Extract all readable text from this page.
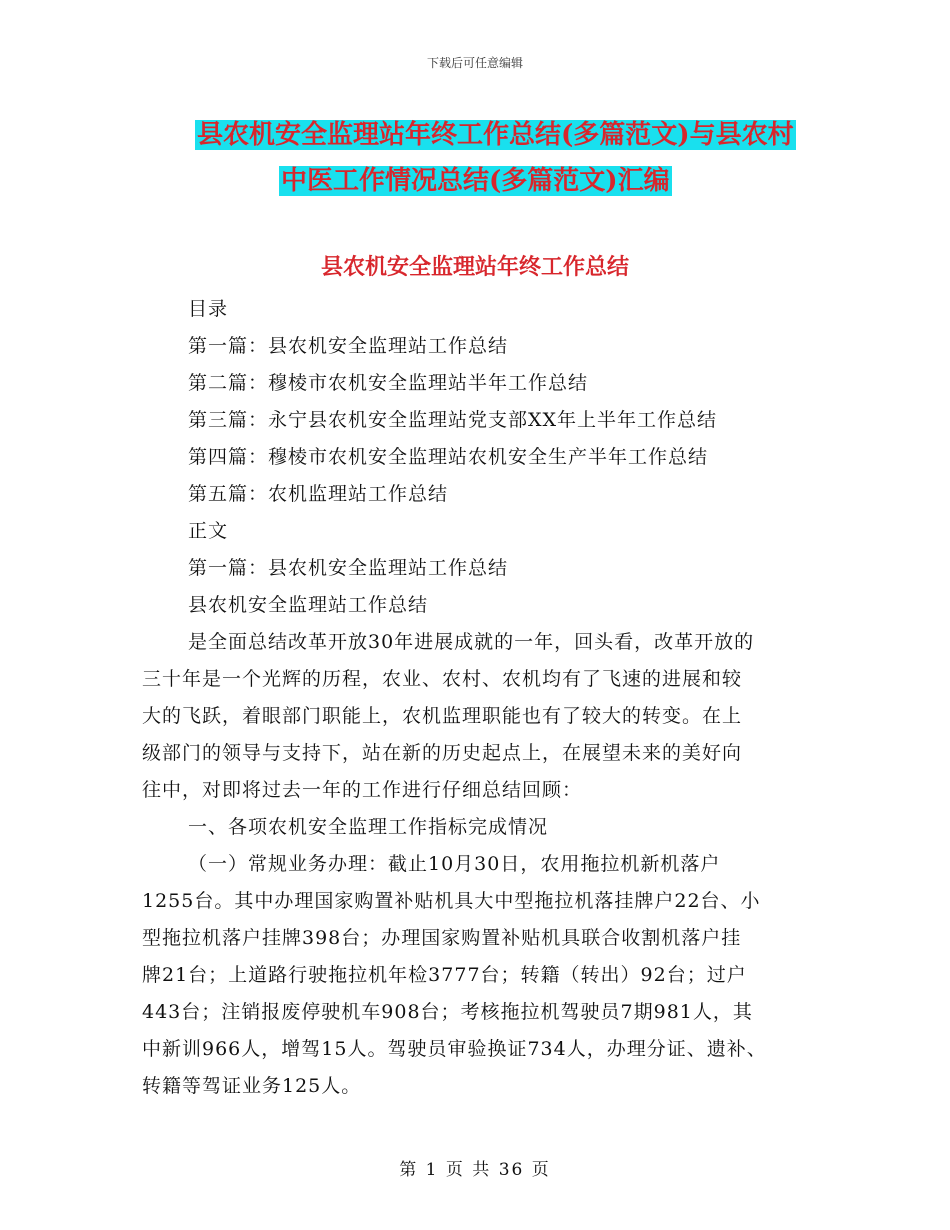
下载后可任意编辑
县农机安全监理站年终工作总结(多篇范文)与县农村
中医工作情况总结(多篇范文)汇编
县农机安全监理站年终工作总结
目录
第一篇：县农机安全监理站工作总结
第二篇：穆棱市农机安全监理站半年工作总结
第三篇：永宁县农机安全监理站党支部XX年上半年工作总结
第四篇：穆棱市农机安全监理站农机安全生产半年工作总结
第五篇：农机监理站工作总结
正文
第一篇：县农机安全监理站工作总结
县农机安全监理站工作总结
是全面总结改革开放30年进展成就的一年，回头看，改革开放的
三十年是一个光辉的历程，农业、农村、农机均有了飞速的进展和较
大的飞跃，着眼部门职能上，农机监理职能也有了较大的转变。在上
级部门的领导与支持下，站在新的历史起点上，在展望未来的美好向
往中，对即将过去一年的工作进行仔细总结回顾：
一、各项农机安全监理工作指标完成情况
（一）常规业务办理：截止10月30日，农用拖拉机新机落户
1255台。其中办理国家购置补贴机具大中型拖拉机落挂牌户22台、小
型拖拉机落户挂牌398台；办理国家购置补贴机具联合收割机落户挂
牌21台；上道路行驶拖拉机年检3777台；转籍（转出）92台；过户
443台；注销报废停驶机车908台；考核拖拉机驾驶员7期981人，其
中新训966人，增驾15人。驾驶员审验换证734人，办理分证、遗补、
转籍等驾证业务125人。
第 1 页 共 36 页
